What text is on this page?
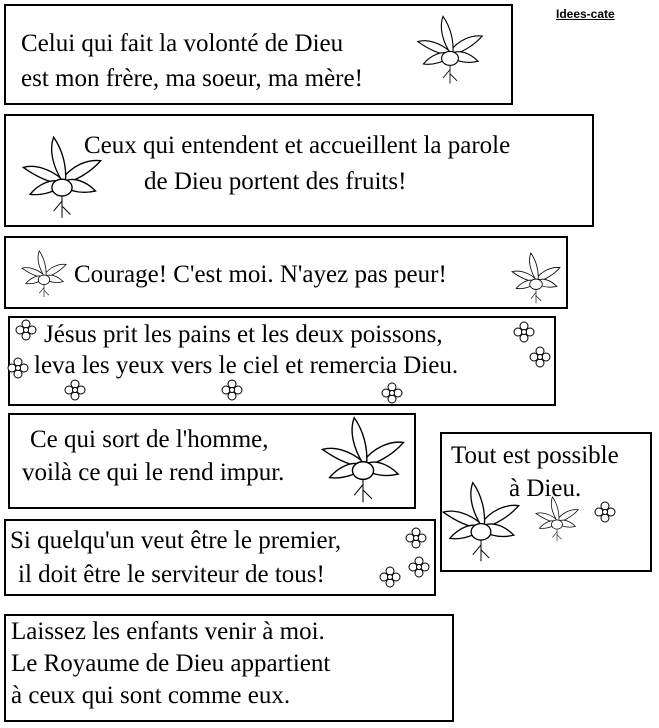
Idees-cate
Celui qui fait la volonté de Dieu
est mon frère, ma soeur, ma mère!
Ceux qui entendent et accueillent la parole
de Dieu portent des fruits!
Courage! C'est moi. N'ayez pas peur!
Jésus prit les pains et les deux poissons,
leva les yeux vers le ciel et remercia Dieu.
Ce qui sort de l'homme,
voilà ce qui le rend impur.
Tout est possible
à Dieu.
Si quelqu'un veut être le premier,
il doit être le serviteur de tous!
Laissez les enfants venir à moi.
Le Royaume de Dieu appartient
à ceux qui sont comme eux.
